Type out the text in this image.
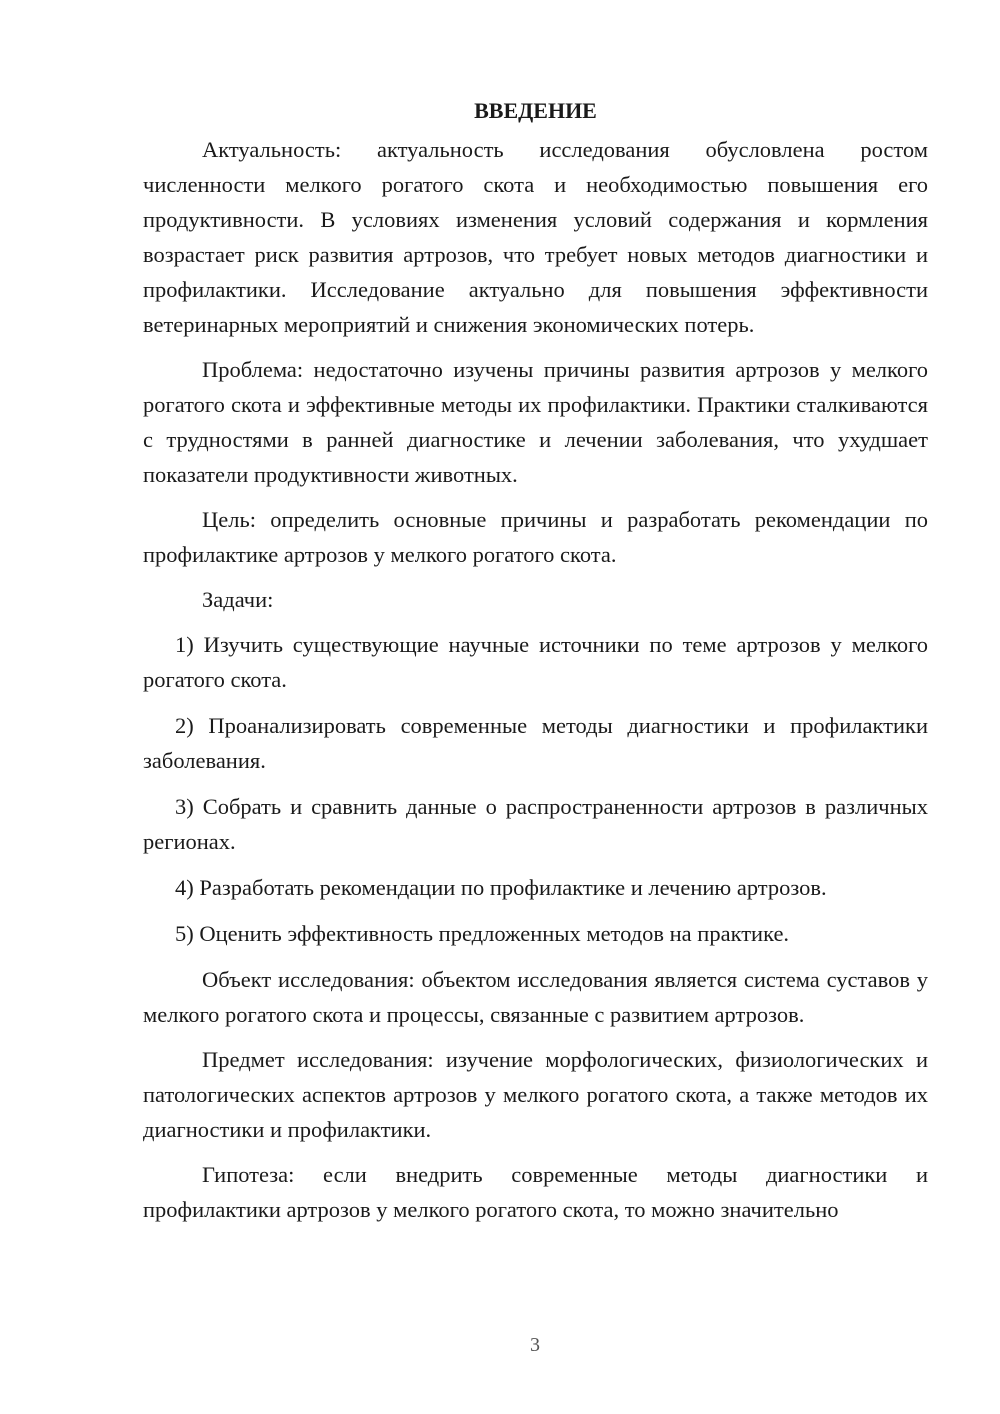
ВВЕДЕНИЕ

Актуальность: актуальность исследования обусловлена ростом численности мелкого рогатого скота и необходимостью повышения его продуктивности. В условиях изменения условий содержания и кормления возрастает риск развития артрозов, что требует новых методов диагностики и профилактики. Исследование актуально для повышения эффективности ветеринарных мероприятий и снижения экономических потерь.

Проблема: недостаточно изучены причины развития артрозов у мелкого рогатого скота и эффективные методы их профилактики. Практики сталкиваются с трудностями в ранней диагностике и лечении заболевания, что ухудшает показатели продуктивности животных.

Цель: определить основные причины и разработать рекомендации по профилактике артрозов у мелкого рогатого скота.

Задачи:

1) Изучить существующие научные источники по теме артрозов у мелкого рогатого скота.

2) Проанализировать современные методы диагностики и профилактики заболевания.

3) Собрать и сравнить данные о распространенности артрозов в различных регионах.

4) Разработать рекомендации по профилактике и лечению артрозов.

5) Оценить эффективность предложенных методов на практике.

Объект исследования: объектом исследования является система суставов у мелкого рогатого скота и процессы, связанные с развитием артрозов.

Предмет исследования: изучение морфологических, физиологических и патологических аспектов артрозов у мелкого рогатого скота, а также методов их диагностики и профилактики.

Гипотеза: если внедрить современные методы диагностики и профилактики артрозов у мелкого рогатого скота, то можно значительно

3
